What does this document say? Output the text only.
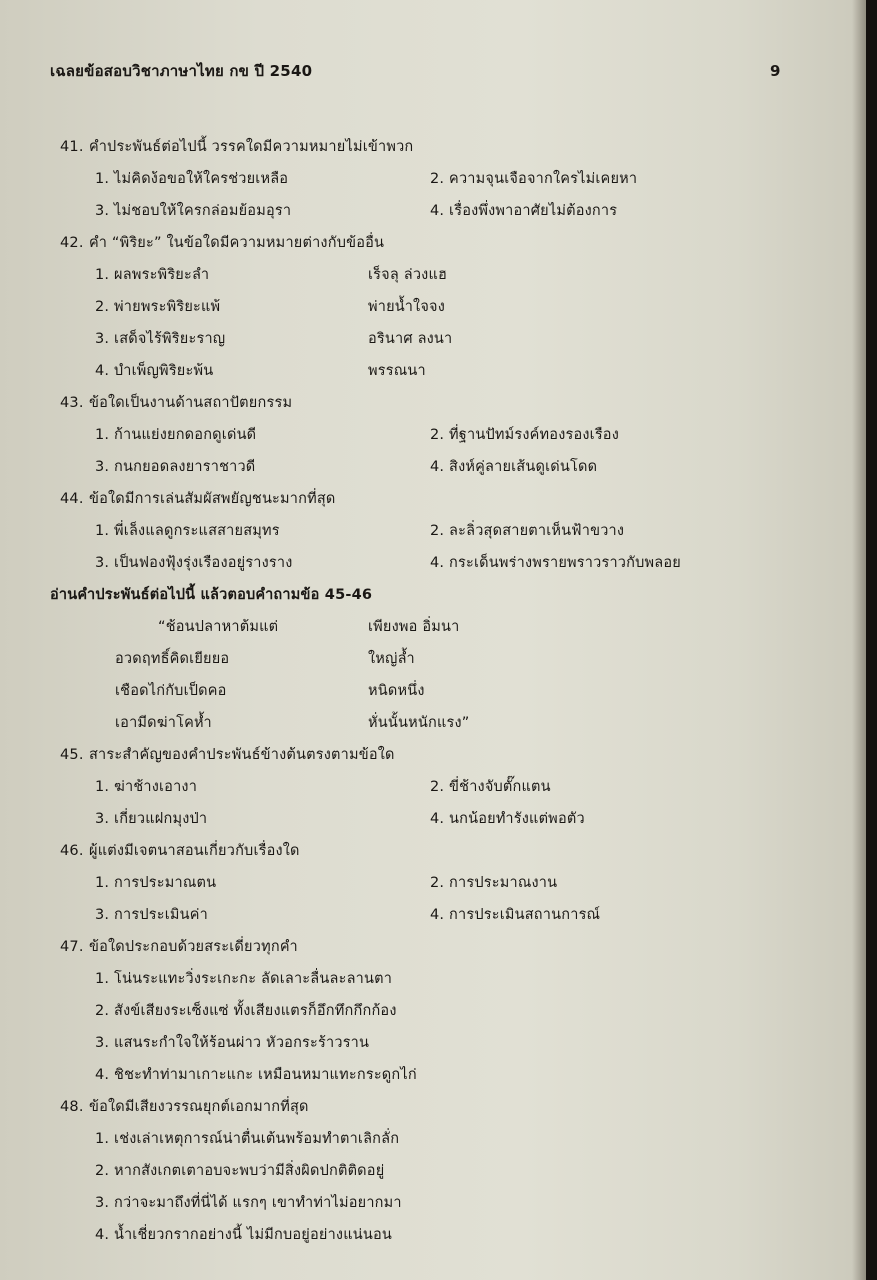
เฉลยข้อสอบวิชาภาษาไทย กข ปี 2540	9
41. คำประพันธ์ต่อไปนี้ วรรคใดมีความหมายไม่เข้าพวก
1. ไม่คิดง้อขอให้ใครช่วยเหลือ	2. ความจุนเจือจากใครไม่เคยหา
3. ไม่ชอบให้ใครกล่อมย้อมอุรา	4. เรื่องพึ่งพาอาศัยไม่ต้องการ
42. คำ “พิริยะ” ในข้อใดมีความหมายต่างกับข้ออื่น
1. ผลพระพิริยะลำ	เร็จลุ ล่วงแฮ
2. พ่ายพระพิริยะแพ้	พ่ายน้ำใจจง
3. เสด็จไร้พิริยะราญ	อรินาศ ลงนา
4. บำเพ็ญพิริยะพ้น	พรรณนา
43. ข้อใดเป็นงานด้านสถาปัตยกรรม
1. ก้านแย่งยกดอกดูเด่นดี	2. ที่ฐานปัทม์รงค์ทองรองเรือง
3. กนกยอดลงยาราชาวดี	4. สิงห์คู่ลายเส้นดูเด่นโดด
44. ข้อใดมีการเล่นสัมผัสพยัญชนะมากที่สุด
1. พี่เล็งแลดูกระแสสายสมุทร	2. ละลิ่วสุดสายตาเห็นฟ้าขวาง
3. เป็นฟองฟุ้งรุ่งเรืองอยู่รางราง	4. กระเด็นพร่างพรายพราวราวกับพลอย
อ่านคำประพันธ์ต่อไปนี้ แล้วตอบคำถามข้อ 45-46
“ช้อนปลาหาต้มแต่	เพียงพอ อิ่มนา
อวดฤทธิ์คิดเยียยอ	ใหญ่ล้ำ
เชือดไก่กับเป็ดคอ	หนิดหนึ่ง
เอามีดฆ่าโคห้ำ	หั่นนั้นหนักแรง”
45. สาระสำคัญของคำประพันธ์ข้างต้นตรงตามข้อใด
1. ฆ่าช้างเอางา	2. ขี่ช้างจับตั๊กแตน
3. เกี่ยวแฝกมุงป่า	4. นกน้อยทำรังแต่พอตัว
46. ผู้แต่งมีเจตนาสอนเกี่ยวกับเรื่องใด
1. การประมาณตน	2. การประมาณงาน
3. การประเมินค่า	4. การประเมินสถานการณ์
47. ข้อใดประกอบด้วยสระเดี่ยวทุกคำ
1. โน่นระแทะวิ่งระเกะกะ ลัดเลาะลื่นละลานตา
2. สังข์เสียงระเซ็งแซ่ ทั้งเสียงแตรก็อึกทึกกึกก้อง
3. แสนระกำใจให้ร้อนผ่าว หัวอกระร้าวราน
4. ชิชะทำท่ามาเกาะแกะ เหมือนหมาแทะกระดูกไก่
48. ข้อใดมีเสียงวรรณยุกต์เอกมากที่สุด
1. เช่งเล่าเหตุการณ์น่าตื่นเต้นพร้อมทำตาเลิกลั่ก
2. หากสังเกตเตาอบจะพบว่ามีสิ่งผิดปกติติดอยู่
3. กว่าจะมาถึงที่นี่ได้ แรกๆ เขาทำท่าไม่อยากมา
4. น้ำเชี่ยวกรากอย่างนี้ ไม่มีกบอยู่อย่างแน่นอน
